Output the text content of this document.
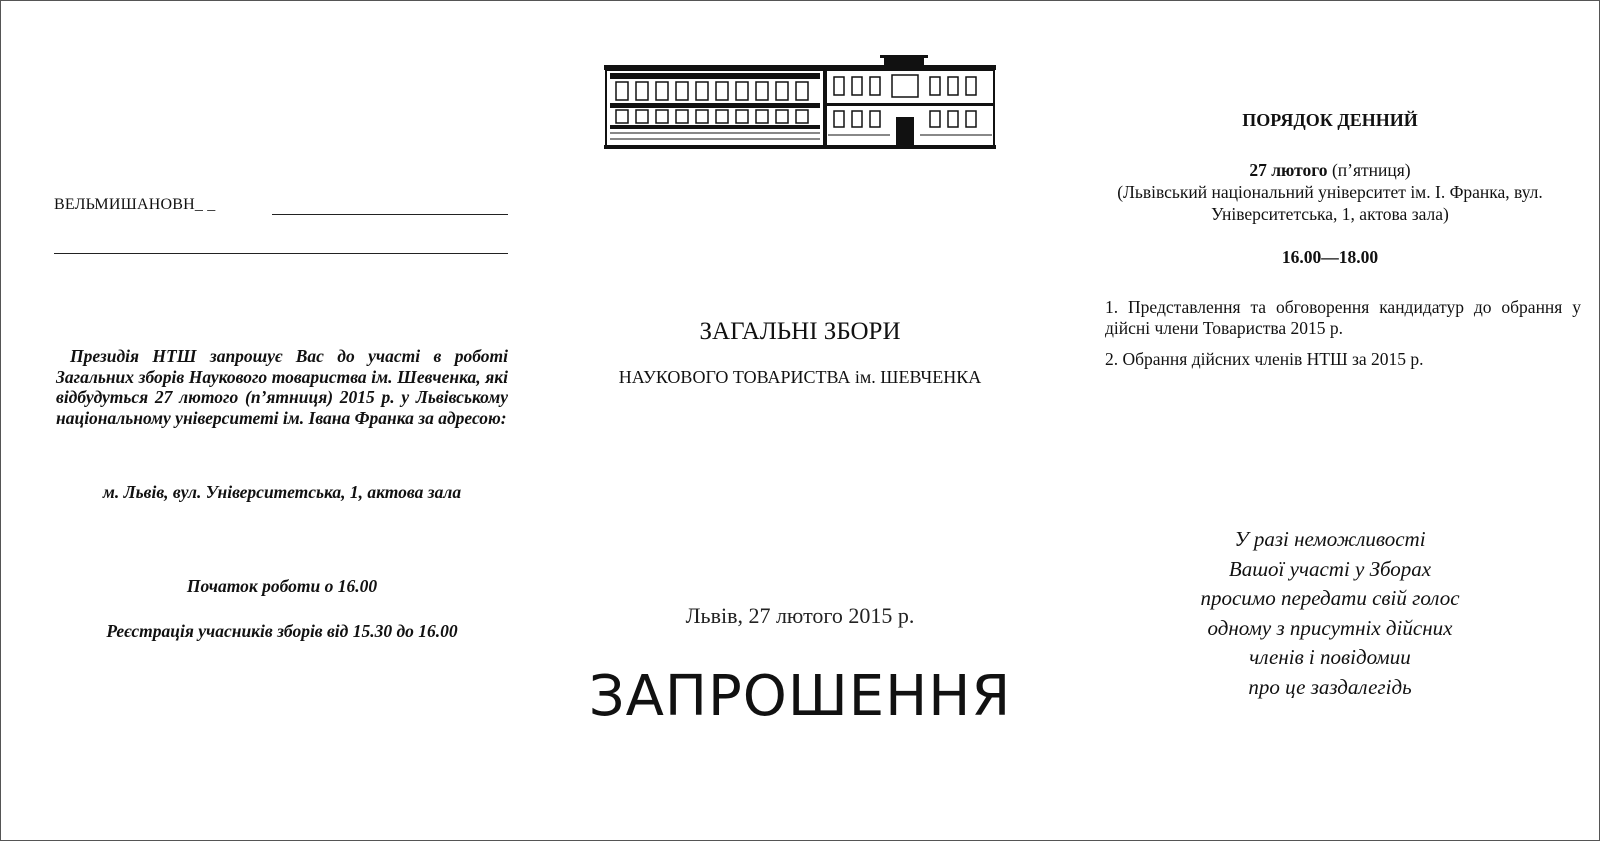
ВЕЛЬМИШАНОВН_ _
Президія НТШ запрошує Вас до участі в роботі Загальних зборів Наукового товариства ім. Шевченка, які відбудуться 27 лютого (п’ятниця) 2015 р. у Львівському національному університеті ім. Івана Франка за адресою:
м. Львів, вул. Університетська, 1, актова зала
Початок роботи о 16.00
Реєстрація учасників зборів від 15.30 до 16.00
ЗАГАЛЬНІ ЗБОРИ
НАУКОВОГО ТОВАРИСТВА ім. ШЕВЧЕНКА
Львів, 27 лютого 2015 р.
ЗАПРОШЕННЯ
ПОРЯДОК ДЕННИЙ
27 лютого (п’ятниця)
(Львівський національний університет ім. І. Франка, вул. Університетська, 1, актова зала)
16.00—18.00
1. Представлення та обговорення кандидатур до обрання у дійсні члени Товариства 2015 р.
2. Обрання дійсних членів НТШ за 2015 р.
У разі неможливості
Вашої участі у Зборах
просимо передати свій голос
одному з присутніх дійсних
членів і повідомии
про це заздалегідь
